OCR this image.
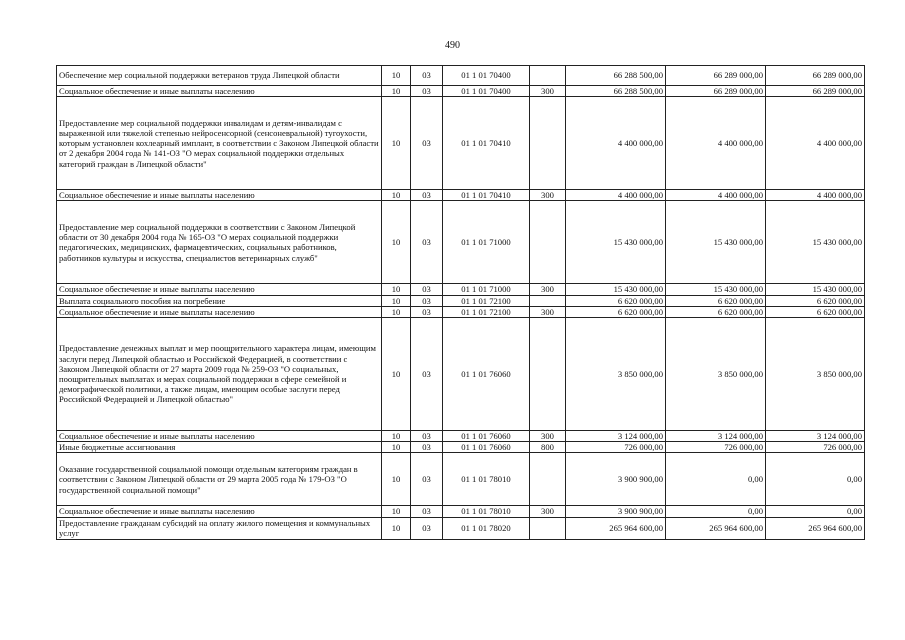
490
Обеспечение мер социальной поддержки ветеранов труда Липецкой области	10	03	01 1 01 70400		66 288 500,00	66 289 000,00	66 289 000,00
Социальное обеспечение и иные выплаты населению	10	03	01 1 01 70400	300	66 288 500,00	66 289 000,00	66 289 000,00
Предоставление мер социальной поддержки инвалидам и детям-инвалидам с выраженной или тяжелой степенью нейросенсорной (сенсоневральной) тугоухости, которым установлен кохлеарный имплант, в соответствии с Законом Липецкой области от 2 декабря 2004 года № 141-ОЗ "О мерах социальной поддержки отдельных категорий граждан в Липецкой области"	10	03	01 1 01 70410		4 400 000,00	4 400 000,00	4 400 000,00
Социальное обеспечение и иные выплаты населению	10	03	01 1 01 70410	300	4 400 000,00	4 400 000,00	4 400 000,00
Предоставление мер социальной поддержки в соответствии с Законом Липецкой области от 30 декабря 2004 года № 165-ОЗ "О мерах социальной поддержки педагогических, медицинских, фармацевтических, социальных работников, работников культуры и искусства, специалистов ветеринарных служб"	10	03	01 1 01 71000		15 430 000,00	15 430 000,00	15 430 000,00
Социальное обеспечение и иные выплаты населению	10	03	01 1 01 71000	300	15 430 000,00	15 430 000,00	15 430 000,00
Выплата социального пособия на погребение	10	03	01 1 01 72100		6 620 000,00	6 620 000,00	6 620 000,00
Социальное обеспечение и иные выплаты населению	10	03	01 1 01 72100	300	6 620 000,00	6 620 000,00	6 620 000,00
Предоставление денежных выплат и мер поощрительного характера лицам, имеющим заслуги перед Липецкой областью и Российской Федерацией, в соответствии с Законом Липецкой области от 27 марта 2009 года № 259-ОЗ "О социальных, поощрительных выплатах и мерах социальной поддержки в сфере семейной и демографической политики, а также лицам, имеющим особые заслуги перед Российской Федерацией и Липецкой областью"	10	03	01 1 01 76060		3 850 000,00	3 850 000,00	3 850 000,00
Социальное обеспечение и иные выплаты населению	10	03	01 1 01 76060	300	3 124 000,00	3 124 000,00	3 124 000,00
Иные бюджетные ассигнования	10	03	01 1 01 76060	800	726 000,00	726 000,00	726 000,00
Оказание государственной социальной помощи отдельным категориям граждан в соответствии с Законом Липецкой области от 29 марта 2005 года № 179-ОЗ "О государственной социальной помощи"	10	03	01 1 01 78010		3 900 900,00	0,00	0,00
Социальное обеспечение и иные выплаты населению	10	03	01 1 01 78010	300	3 900 900,00	0,00	0,00
Предоставление гражданам субсидий на оплату жилого помещения и коммунальных услуг	10	03	01 1 01 78020		265 964 600,00	265 964 600,00	265 964 600,00
